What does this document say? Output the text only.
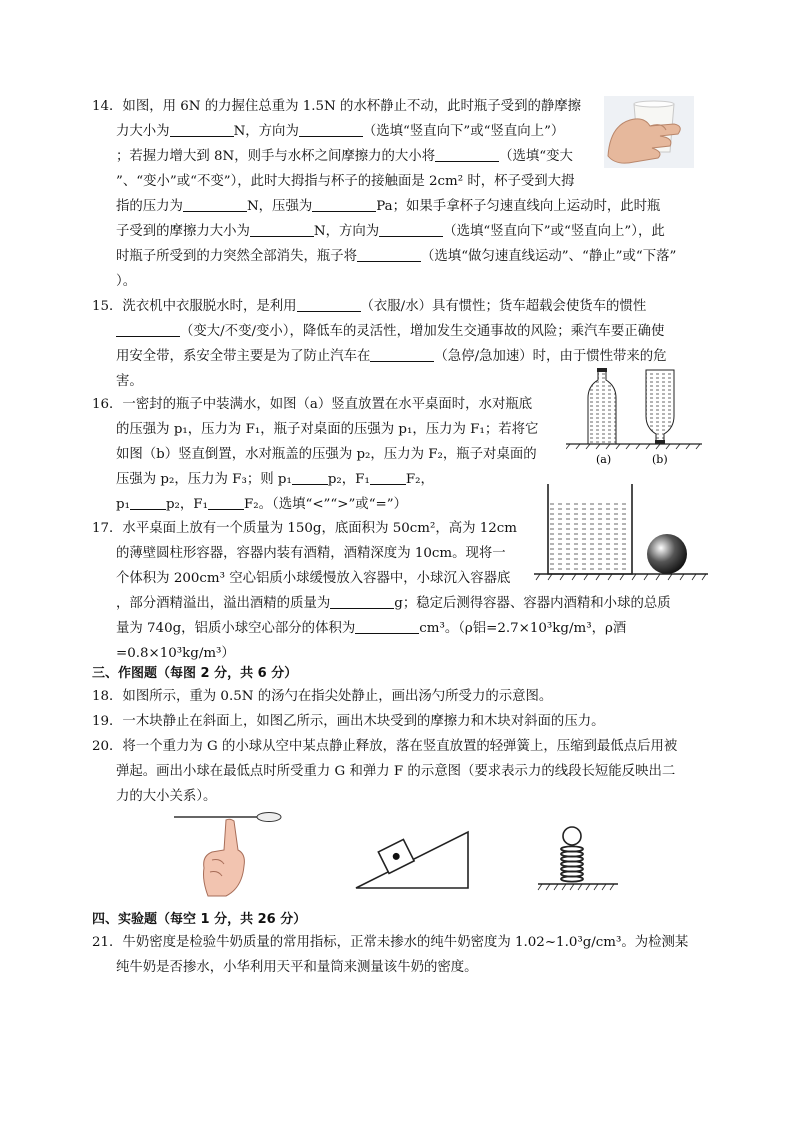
14．如图，用 6N 的力握住总重为 1.5N 的水杯静止不动，此时瓶子受到的静摩擦
力大小为	N，方向为	（选填“竖直向下”或“竖直向上”）
；若握力增大到 8N，则手与水杯之间摩擦力的大小将	（选填“变大
”、“变小”或“不变”），此时大拇指与杯子的接触面是 2cm² 时，杯子受到大拇
指的压力为	N，压强为	Pa；如果手拿杯子匀速直线向上运动时，此时瓶
子受到的摩擦力大小为	N，方向为	（选填“竖直向下”或“竖直向上”），此
时瓶子所受到的力突然全部消失，瓶子将	（选填“做匀速直线运动”、“静止”或“下落”
）。
15．洗衣机中衣服脱水时，是利用	（衣服/水）具有惯性；货车超载会使货车的惯性
（变大/不变/变小），降低车的灵活性，增加发生交通事故的风险；乘汽车要正确使
用安全带，系安全带主要是为了防止汽车在	（急停/急加速）时，由于惯性带来的危
害。
16．一密封的瓶子中装满水，如图（a）竖直放置在水平桌面时，水对瓶底
的压强为 p₁，压力为 F₁，瓶子对桌面的压强为 p₁，压力为 F₁；若将它
如图（b）竖直倒置，水对瓶盖的压强为 p₂，压力为 F₂，瓶子对桌面的
压强为 p₂，压力为 F₃；则 p₁	p₂，F₁	F₂，
p₁	p₂，F₁	F₂。（选填“<”“>”或“=”）
(a)	(b)
17．水平桌面上放有一个质量为 150g，底面积为 50cm²，高为 12cm
的薄壁圆柱形容器，容器内装有酒精，酒精深度为 10cm。现将一
个体积为 200cm³ 空心铝质小球缓慢放入容器中，小球沉入容器底
，部分酒精溢出，溢出酒精的质量为	g；稳定后测得容器、容器内酒精和小球的总质
量为 740g，铝质小球空心部分的体积为	cm³。（ρ铝=2.7×10³kg/m³，ρ酒
=0.8×10³kg/m³）
三、作图题（每图 2 分，共 6 分）
18．如图所示，重为 0.5N 的汤勺在指尖处静止，画出汤勺所受力的示意图。
19．一木块静止在斜面上，如图乙所示，画出木块受到的摩擦力和木块对斜面的压力。
20．将一个重力为 G 的小球从空中某点静止释放，落在竖直放置的轻弹簧上，压缩到最低点后用被
弹起。画出小球在最低点时所受重力 G 和弹力 F 的示意图（要求表示力的线段长短能反映出二
力的大小关系）。
四、实验题（每空 1 分，共 26 分）
21．牛奶密度是检验牛奶质量的常用指标，正常未掺水的纯牛奶密度为 1.02~1.0³g/cm³。为检测某
纯牛奶是否掺水，小华利用天平和量筒来测量该牛奶的密度。
